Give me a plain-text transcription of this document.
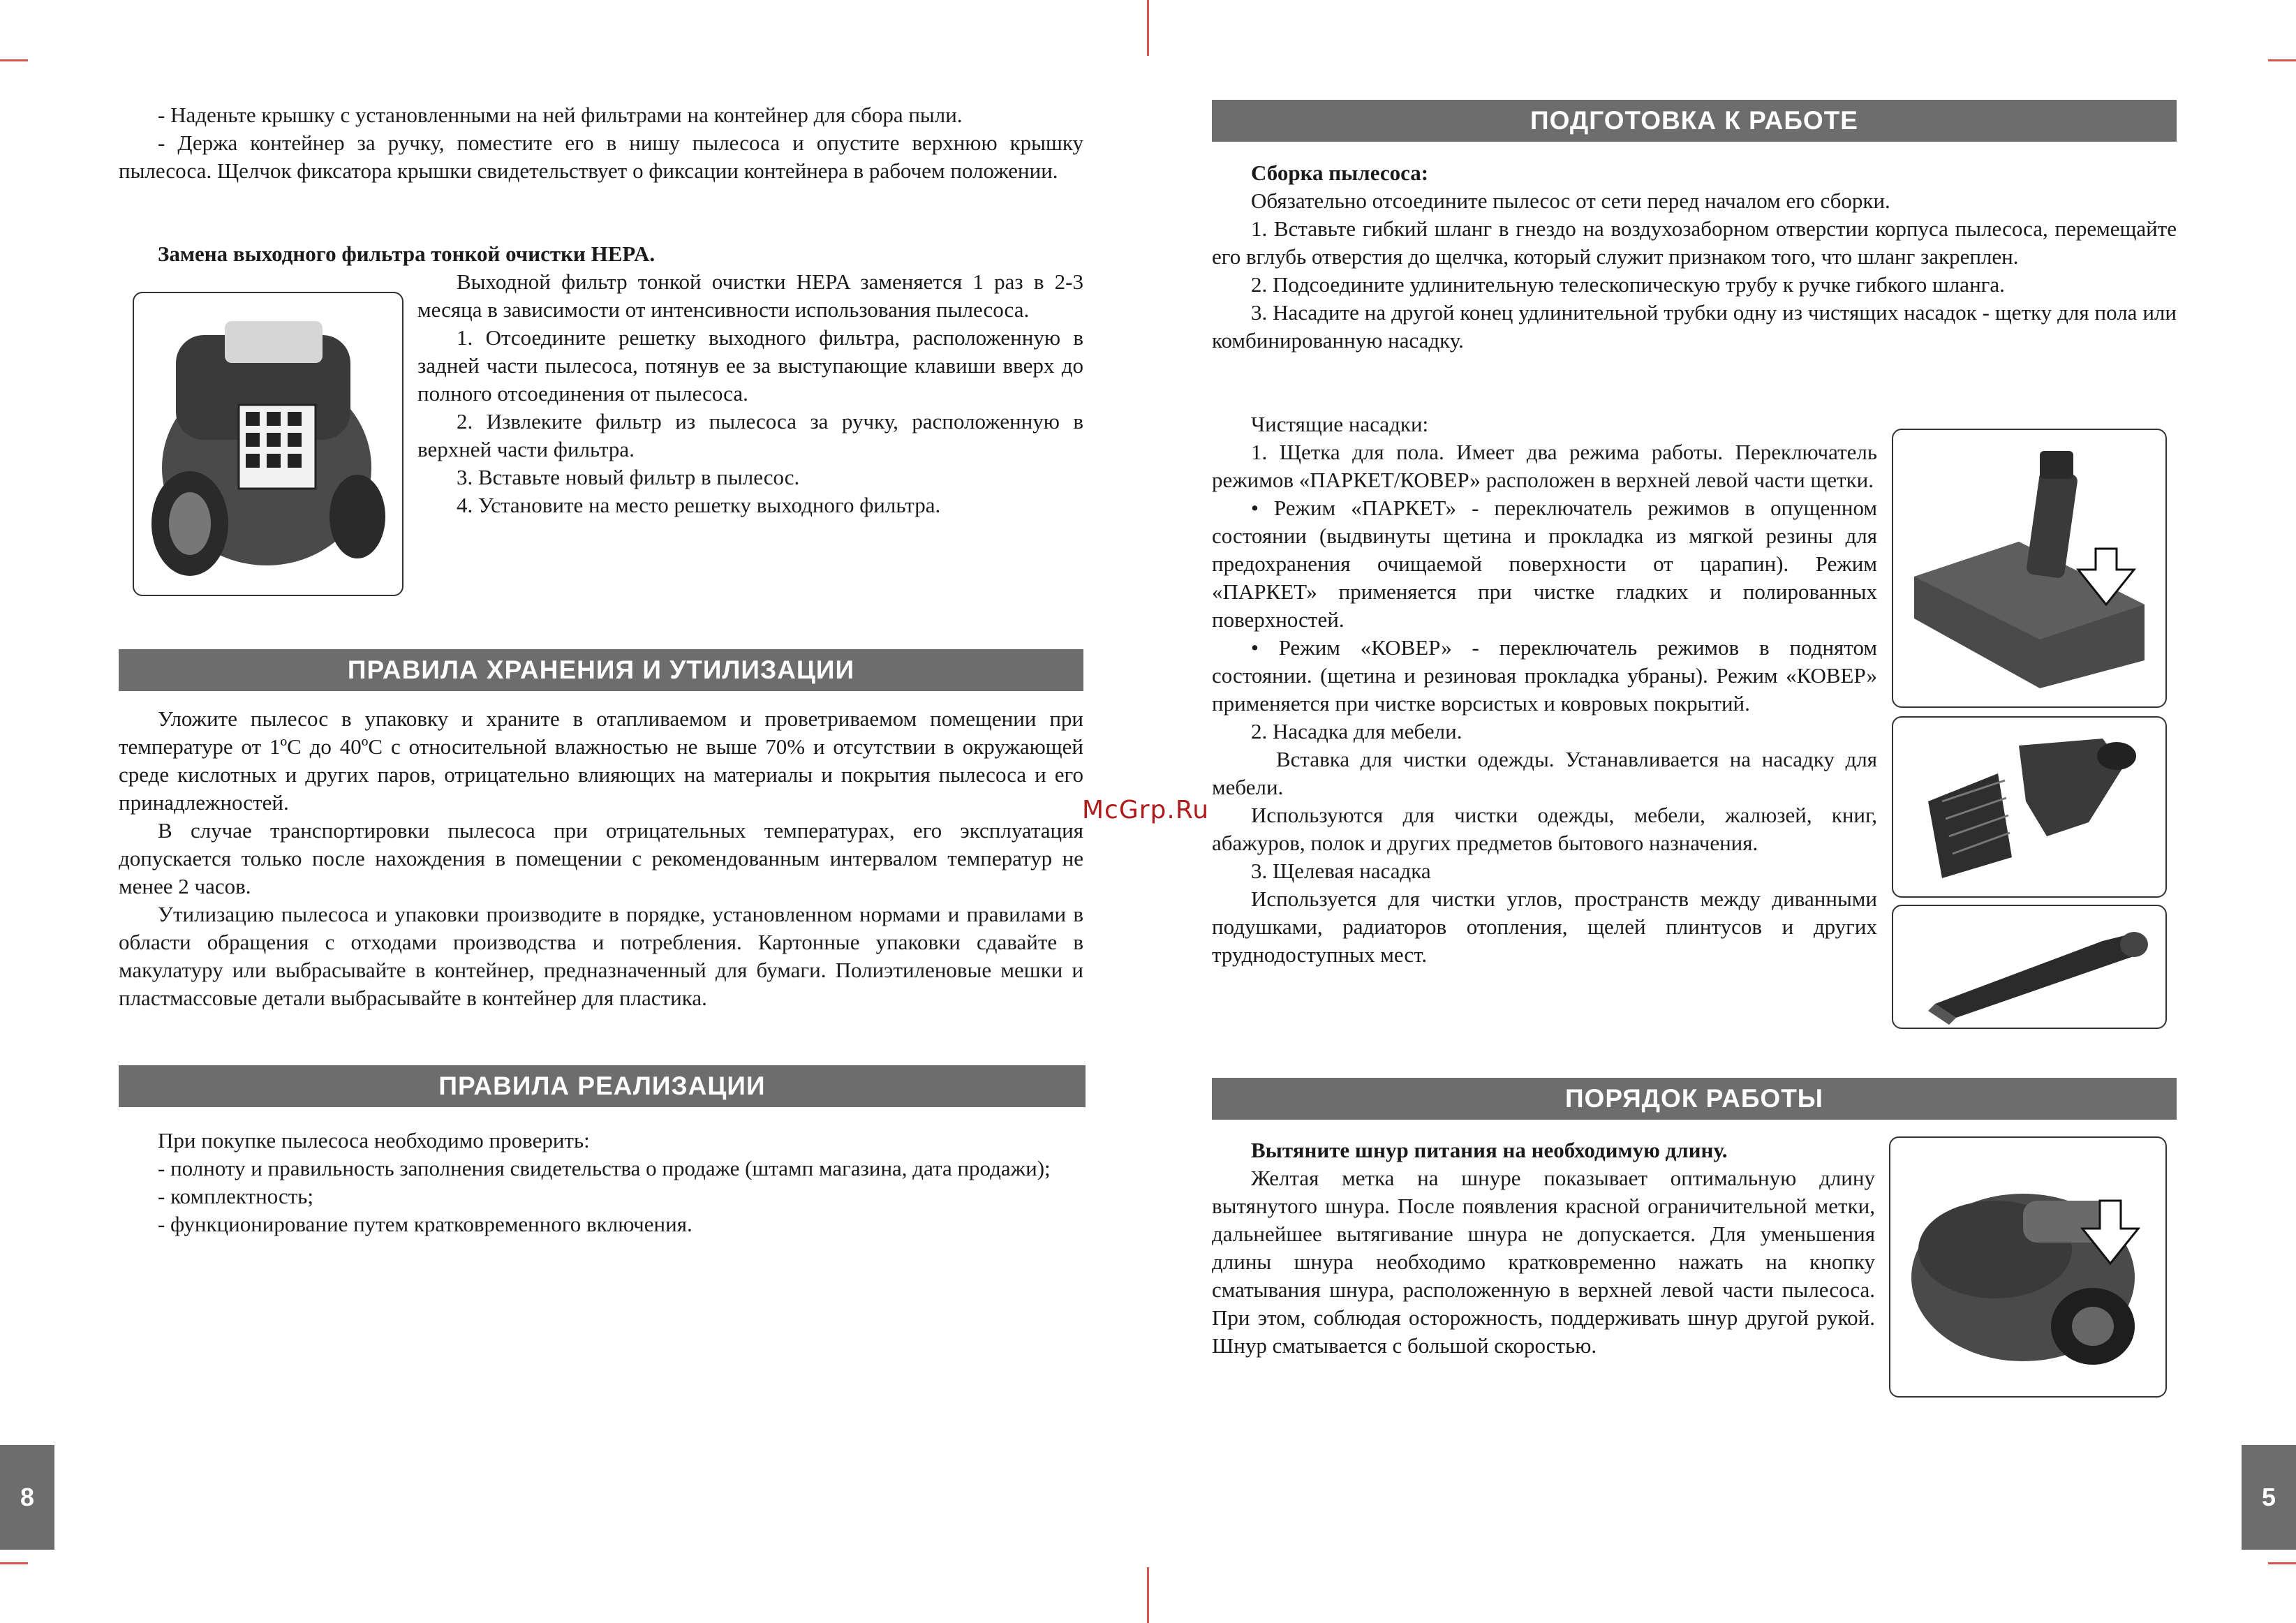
- Наденьте крышку с установленными на ней фильтрами на контейнер для сбора пыли.

- Держа контейнер за ручку, поместите его в нишу пылесоса и опустите верхнюю крышку пылесоса. Щелчок фиксатора крышки свидетельствует о фиксации контейнера в рабочем положении.

Замена выходного фильтра тонкой очистки HEPA.

Выходной фильтр тонкой очистки HEPA заменяется 1 раз в 2-3 месяца в зависимости от интенсивности использования пылесоса.

1. Отсоедините решетку выходного фильтра, расположенную в задней части пылесоса, потянув ее за выступающие клавиши вверх до полного отсоединения от пылесоса.

2. Извлеките фильтр из пылесоса за ручку, расположенную в верхней части фильтра.

3. Вставьте новый фильтр в пылесос.

4. Установите на место решетку выходного фильтра.

ПРАВИЛА ХРАНЕНИЯ И УТИЛИЗАЦИИ

Уложите пылесос в упаковку и храните в отапливаемом и проветриваемом помещении при температуре от 1ºС до 40ºС с относительной влажностью не выше 70% и отсутствии в окружающей среде кислотных и других паров, отрицательно влияющих на материалы и покрытия пылесоса и его принадлежностей.

В случае транспортировки пылесоса при отрицательных температурах, его эксплуатация допускается только после нахождения в помещении с рекомендованным интервалом температур не менее 2 часов.

Утилизацию пылесоса и упаковки производите в порядке, установленном нормами и правилами в области обращения с отходами производства и потребления. Картонные упаковки сдавайте в макулатуру или выбрасывайте в контейнер, предназначенный для бумаги. Полиэтиленовые мешки и пластмассовые детали выбрасывайте в контейнер для пластика.

ПРАВИЛА РЕАЛИЗАЦИИ

При покупке пылесоса необходимо проверить:

- полноту и правильность заполнения свидетельства о продаже (штамп магазина, дата продажи);

- комплектность;

- функционирование путем кратковременного включения.

8
McGrp.Ru
ПОДГОТОВКА К РАБОТЕ

Сборка пылесоса:

Обязательно отсоедините пылесос от сети перед началом его сборки.

1. Вставьте гибкий шланг в гнездо на воздухозаборном отверстии корпуса пылесоса, перемещайте его вглубь отверстия до щелчка, который служит признаком того, что шланг закреплен.

2. Подсоедините удлинительную телескопическую трубу к ручке гибкого шланга.

3. Насадите на другой конец удлинительной трубки одну из чистящих насадок - щетку для пола или комбинированную насадку.

Чистящие насадки:

1. Щетка для пола. Имеет два режима работы. Переключатель режимов «ПАРКЕТ/КОВЕР» расположен в верхней левой части щетки.

• Режим «ПАРКЕТ» - переключатель режимов в опущенном состоянии (выдвинуты щетина и прокладка из мягкой резины для предохранения очищаемой поверхности от царапин). Режим «ПАРКЕТ» применяется при чистке гладких и полированных поверхностей.

• Режим «КОВЕР» - переключатель режимов в поднятом состоянии. (щетина и резиновая прокладка убраны). Режим «КОВЕР» применяется при чистке ворсистых и ковровых покрытий.

2. Насадка для мебели.

Вставка для чистки одежды. Устанавливается на насадку для мебели.

Используются для чистки одежды, мебели, жалюзей, книг, абажуров, полок и других предметов бытового назначения.

3. Щелевая насадка

Используется для чистки углов, пространств между диванными подушками, радиаторов отопления, щелей плинтусов и других труднодоступных мест.

ПОРЯДОК РАБОТЫ

Вытяните шнур питания на необходимую длину.

Желтая метка на шнуре показывает оптимальную длину вытянутого шнура. После появления красной ограничительной метки, дальнейшее вытягивание шнура не допускается. Для уменьшения длины шнура необходимо кратковременно нажать на кнопку сматывания шнура, расположенную в верхней левой части пылесоса. При этом, соблюдая осторожность, поддерживать шнур другой рукой. Шнур сматывается с большой скоростью.

5
